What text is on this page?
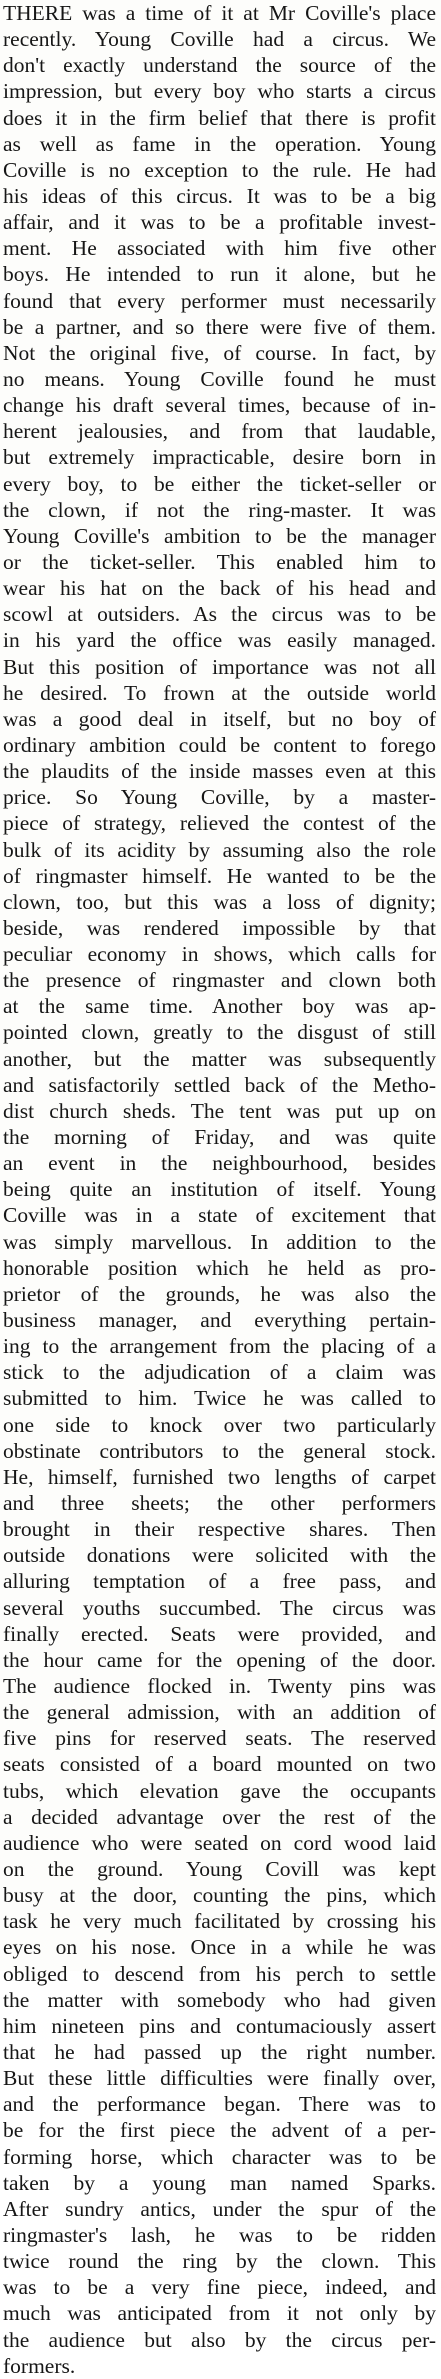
THERE was a time of it at Mr Coville's place
recently. Young Coville had a circus. We
don't exactly understand the source of the
impression, but every boy who starts a circus
does it in the firm belief that there is profit
as well as fame in the operation. Young
Coville is no exception to the rule. He had
his ideas of this circus. It was to be a big
affair, and it was to be a profitable invest-
ment. He associated with him five other
boys. He intended to run it alone, but he
found that every performer must necessarily
be a partner, and so there were five of them.
Not the original five, of course. In fact, by
no means. Young Coville found he must
change his draft several times, because of in-
herent jealousies, and from that laudable,
but extremely impracticable, desire born in
every boy, to be either the ticket-seller or
the clown, if not the ring-master. It was
Young Coville's ambition to be the manager
or the ticket-seller. This enabled him to
wear his hat on the back of his head and
scowl at outsiders. As the circus was to be
in his yard the office was easily managed.
But this position of importance was not all
he desired. To frown at the outside world
was a good deal in itself, but no boy of
ordinary ambition could be content to forego
the plaudits of the inside masses even at this
price. So Young Coville, by a master-
piece of strategy, relieved the contest of the
bulk of its acidity by assuming also the role
of ringmaster himself. He wanted to be the
clown, too, but this was a loss of dignity;
beside, was rendered impossible by that
peculiar economy in shows, which calls for
the presence of ringmaster and clown both
at the same time. Another boy was ap-
pointed clown, greatly to the disgust of still
another, but the matter was subsequently
and satisfactorily settled back of the Metho-
dist church sheds. The tent was put up on
the morning of Friday, and was quite
an event in the neighbourhood, besides
being quite an institution of itself. Young
Coville was in a state of excitement that
was simply marvellous. In addition to the
honorable position which he held as pro-
prietor of the grounds, he was also the
business manager, and everything pertain-
ing to the arrangement from the placing of a
stick to the adjudication of a claim was
submitted to him. Twice he was called to
one side to knock over two particularly
obstinate contributors to the general stock.
He, himself, furnished two lengths of carpet
and three sheets; the other performers
brought in their respective shares. Then
outside donations were solicited with the
alluring temptation of a free pass, and
several youths succumbed. The circus was
finally erected. Seats were provided, and
the hour came for the opening of the door.
The audience flocked in. Twenty pins was
the general admission, with an addition of
five pins for reserved seats. The reserved
seats consisted of a board mounted on two
tubs, which elevation gave the occupants
a decided advantage over the rest of the
audience who were seated on cord wood laid
on the ground. Young Covill was kept
busy at the door, counting the pins, which
task he very much facilitated by crossing his
eyes on his nose. Once in a while he was
obliged to descend from his perch to settle
the matter with somebody who had given
him nineteen pins and contumaciously assert
that he had passed up the right number.
But these little difficulties were finally over,
and the performance began. There was to
be for the first piece the advent of a per-
forming horse, which character was to be
taken by a young man named Sparks.
After sundry antics, under the spur of the
ringmaster's lash, he was to be ridden
twice round the ring by the clown. This
was to be a very fine piece, indeed, and
much was anticipated from it not only by
the audience but also by the circus per-
formers.
